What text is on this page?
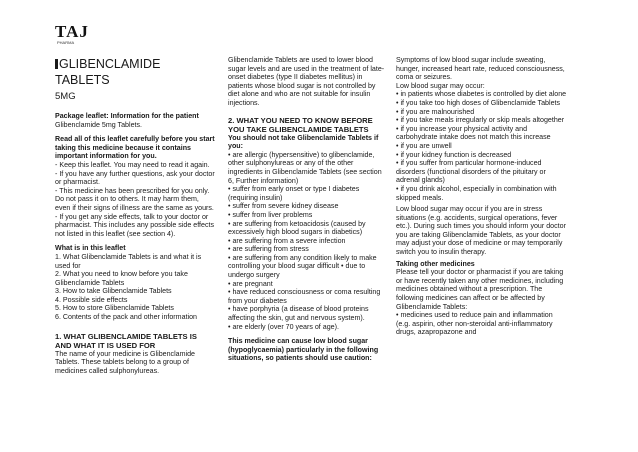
TAJ
PHARMA
GLIBENCLAMIDE
TABLETS
5MG

Package leaflet: Information for the patient

Glibenclamide 5mg Tablets.

Read all of this leaflet carefully before you start taking this medicine because it contains important information for you.

- Keep this leaflet. You may need to read it again.

- If you have any further questions, ask your doctor or pharmacist.

- This medicine has been prescribed for you only. Do not pass it on to others. It may harm them, even if their signs of illness are the same as yours.

- If you get any side effects, talk to your doctor or pharmacist. This includes any possible side effects not listed in this leaflet (see section 4).

What is in this leaflet

1. What Glibenclamide Tablets is and what it is used for

2. What you need to know before you take Glibenclamide Tablets

3. How to take Glibenclamide Tablets

4. Possible side effects

5. How to store Glibenclamide Tablets

6. Contents of the pack and other information

1. WHAT GLIBENCLAMIDE TABLETS IS AND WHAT IT IS USED FOR

The name of your medicine is Glibenclamide Tablets. These tablets belong to a group of medicines called sulphonylureas.

Glibenclamide Tablets are used to lower blood sugar levels and are used in the treatment of late-onset diabetes (type II diabetes mellitus) in patients whose blood sugar is not controlled by diet alone and who are not suitable for insulin injections.

2. WHAT YOU NEED TO KNOW BEFORE YOU TAKE GLIBENCLAMIDE TABLETS

You should not take Glibenclamide Tablets if you:

• are allergic (hypersensitive) to glibenclamide, other sulphonylureas or any of the other ingredients in Glibenclamide Tablets (see section 6, Further information)

• suffer from early onset or type I diabetes (requiring insulin)

• suffer from severe kidney disease

• suffer from liver problems

• are suffering from ketoacidosis (caused by excessively high blood sugars in diabetics)

• are suffering from a severe infection

• are suffering from stress

• are suffering from any condition likely to make controlling your blood sugar difficult • due to undergo surgery

• are pregnant

• have reduced consciousness or coma resulting from your diabetes

• have porphyria (a disease of blood proteins affecting the skin, gut and nervous system).

• are elderly (over 70 years of age).

This medicine can cause low blood sugar (hypoglycaemia) particularly in the following situations, so patients should use caution:

Symptoms of low blood sugar include sweating, hunger, increased heart rate, reduced consciousness, coma or seizures.

Low blood sugar may occur:

• in patients whose diabetes is controlled by diet alone

• if you take too high doses of Glibenclamide Tablets

• if you are malnourished

• if you take meals irregularly or skip meals altogether

• if you increase your physical activity and carbohydrate intake does not match this increase

• if you are unwell

• if your kidney function is decreased

• if you suffer from particular hormone-induced disorders (functional disorders of the pituitary or adrenal glands)

• if you drink alcohol, especially in combination with skipped meals.

Low blood sugar may occur if you are in stress situations (e.g. accidents, surgical operations, fever etc.). During such times you should inform your doctor you are taking Glibenclamide Tablets, as your doctor may adjust your dose of medicine or may temporarily switch you to insulin therapy.

Taking other medicines

Please tell your doctor or pharmacist if you are taking or have recently taken any other medicines, including medicines obtained without a prescription. The following medicines can affect or be affected by Glibenclamide Tablets:

• medicines used to reduce pain and inflammation (e.g. aspirin, other non-steroidal anti-inflammatory drugs, azapropazone and
